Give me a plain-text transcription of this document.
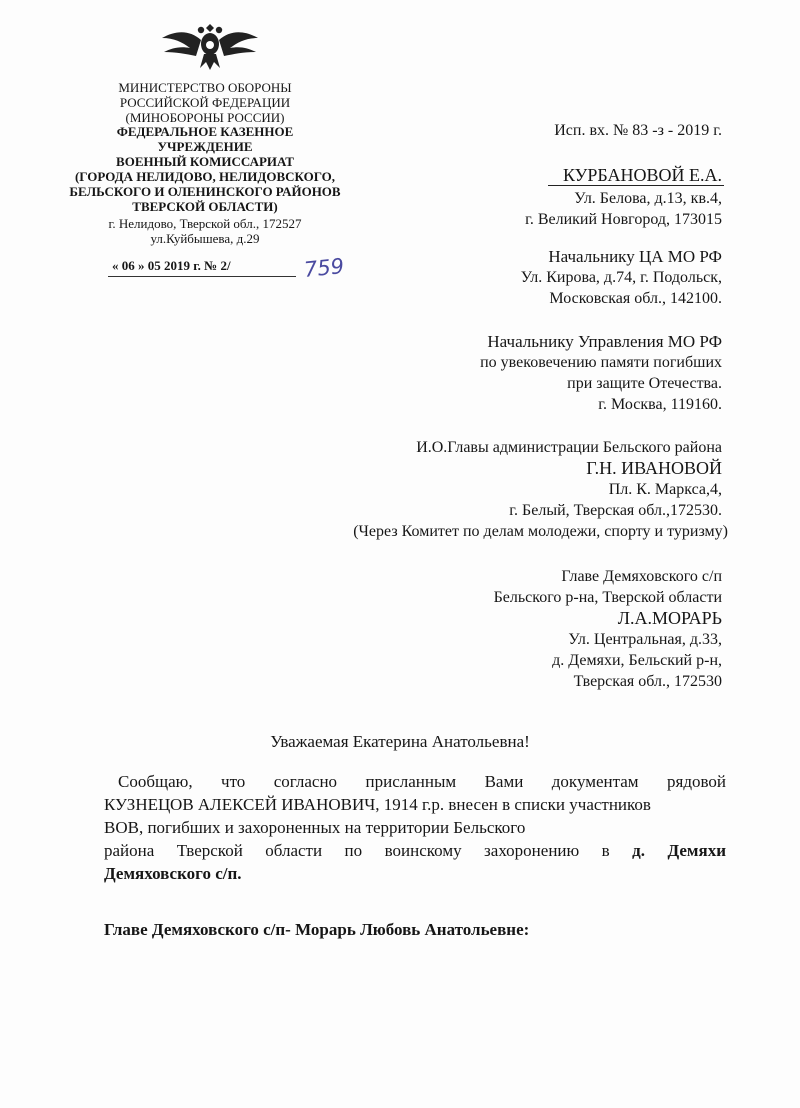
МИНИСТЕРСТВО ОБОРОНЫ
РОССИЙСКОЙ ФЕДЕРАЦИИ
(МИНОБОРОНЫ РОССИИ)
ФЕДЕРАЛЬНОЕ КАЗЕННОЕ
УЧРЕЖДЕНИЕ
ВОЕННЫЙ КОМИССАРИАТ
(ГОРОДА НЕЛИДОВО, НЕЛИДОВСКОГО,
БЕЛЬСКОГО И ОЛЕНИНСКОГО РАЙОНОВ
ТВЕРСКОЙ ОБЛАСТИ)
г. Нелидово, Тверской обл., 172527
ул.Куйбышева, д.29
« 06 » 05 2019 г. № 2/	759
Исп. вх. № 83 -з - 2019 г.
КУРБАНОВОЙ Е.А.
Ул. Белова, д.13, кв.4,
г. Великий Новгород, 173015
Начальнику ЦА МО РФ
Ул. Кирова, д.74, г. Подольск,
Московская обл., 142100.
Начальнику Управления МО РФ
по увековечению памяти погибших
при защите Отечества.
г. Москва, 119160.
И.О.Главы администрации Бельского района
Г.Н. ИВАНОВОЙ
Пл. К. Маркса,4,
г. Белый, Тверская обл.,172530.
(Через Комитет по делам молодежи, спорту и туризму)
Главе Демяховского с/п
Бельского р-на, Тверской области
Л.А.МОРАРЬ
Ул. Центральная, д.33,
д. Демяхи, Бельский р-н,
Тверская обл., 172530
Уважаемая Екатерина Анатольевна!
Сообщаю, что согласно присланным Вами документам рядовой
КУЗНЕЦОВ АЛЕКСЕЙ ИВАНОВИЧ, 1914 г.р. внесен в списки участников
ВОВ, погибших и захороненных на территории Бельского
района Тверской области по воинскому захоронению в д. Демяхи
Демяховского с/п.
Главе Демяховского с/п- Морарь Любовь Анатольевне:
